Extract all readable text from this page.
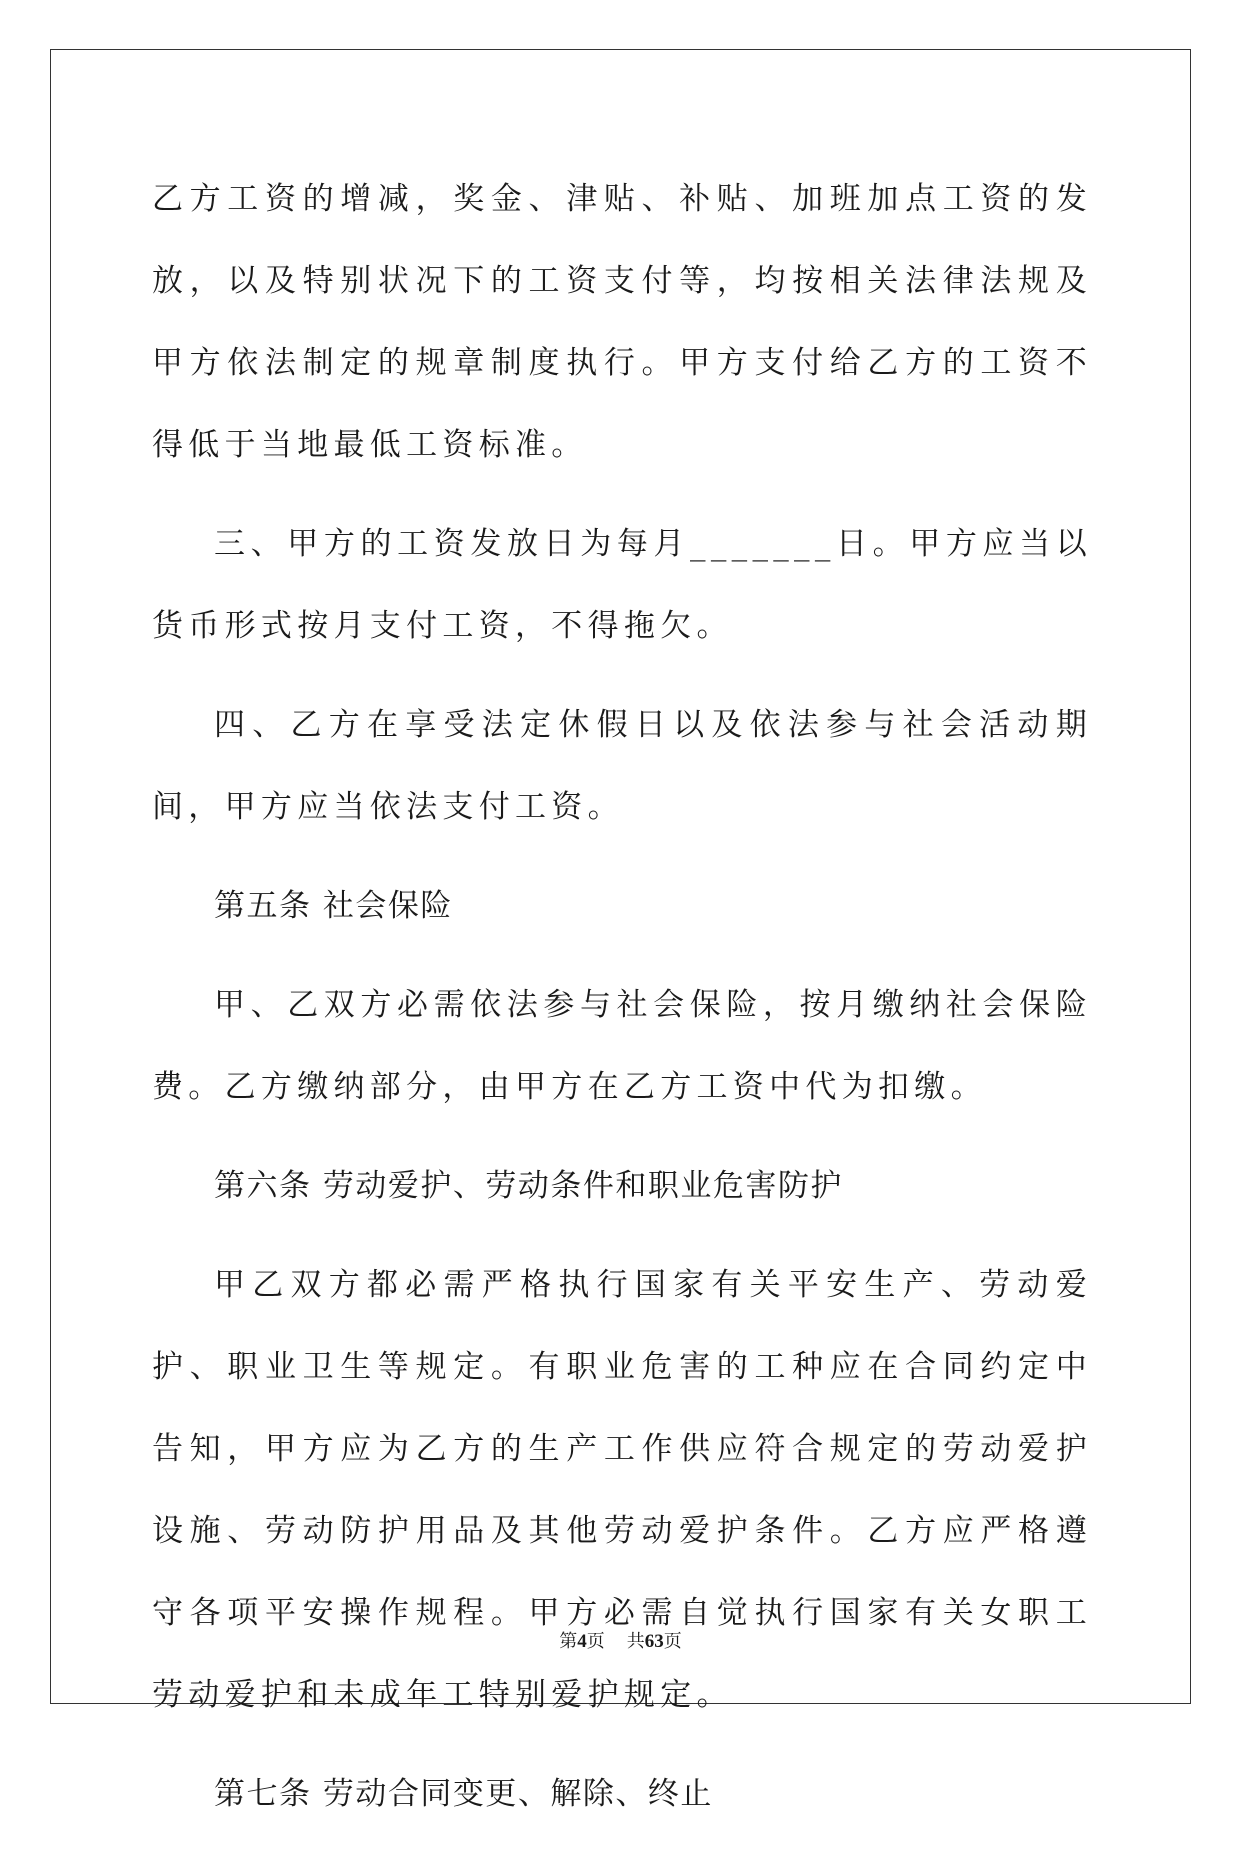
乙方工资的增减，奖金、津贴、补贴、加班加点工资的发放，以及特别状况下的工资支付等，均按相关法律法规及甲方依法制定的规章制度执行。甲方支付给乙方的工资不得低于当地最低工资标准。

三、甲方的工资发放日为每月_______日。甲方应当以货币形式按月支付工资，不得拖欠。

四、乙方在享受法定休假日以及依法参与社会活动期间，甲方应当依法支付工资。

第五条 社会保险

甲、乙双方必需依法参与社会保险，按月缴纳社会保险费。乙方缴纳部分，由甲方在乙方工资中代为扣缴。

第六条 劳动爱护、劳动条件和职业危害防护

甲乙双方都必需严格执行国家有关平安生产、劳动爱护、职业卫生等规定。有职业危害的工种应在合同约定中告知，甲方应为乙方的生产工作供应符合规定的劳动爱护设施、劳动防护用品及其他劳动爱护条件。乙方应严格遵守各项平安操作规程。甲方必需自觉执行国家有关女职工劳动爱护和未成年工特别爱护规定。

第七条 劳动合同变更、解除、终止

第4页 共63页
